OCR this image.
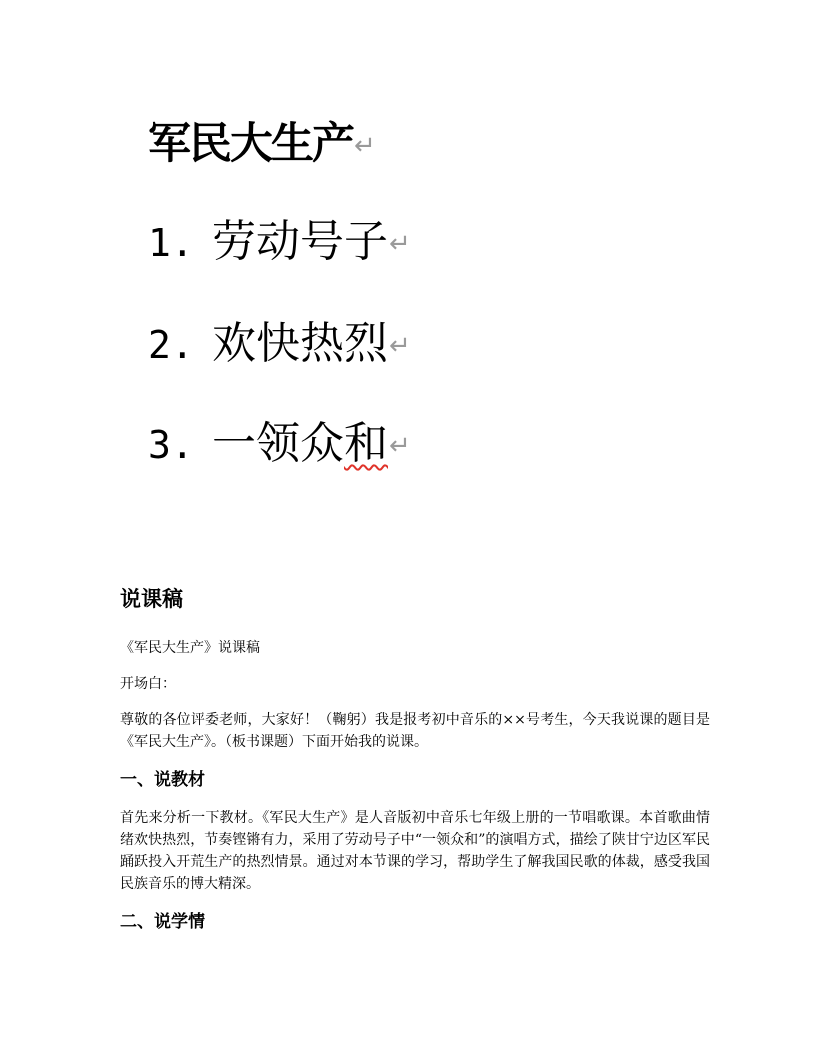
军民大生产↵
1. 劳动号子↵
2. 欢快热烈↵
3. 一领众和↵
说课稿

《军民大生产》说课稿

开场白：

尊敬的各位评委老师，大家好！（鞠躬）我是报考初中音乐的××号考生，今天我说课的题目是《军民大生产》。（板书课题）下面开始我的说课。

一、说教材

首先来分析一下教材。《军民大生产》是人音版初中音乐七年级上册的一节唱歌课。本首歌曲情绪欢快热烈，节奏铿锵有力，采用了劳动号子中“一领众和”的演唱方式，描绘了陕甘宁边区军民踊跃投入开荒生产的热烈情景。通过对本节课的学习，帮助学生了解我国民歌的体裁，感受我国民族音乐的博大精深。

二、说学情
